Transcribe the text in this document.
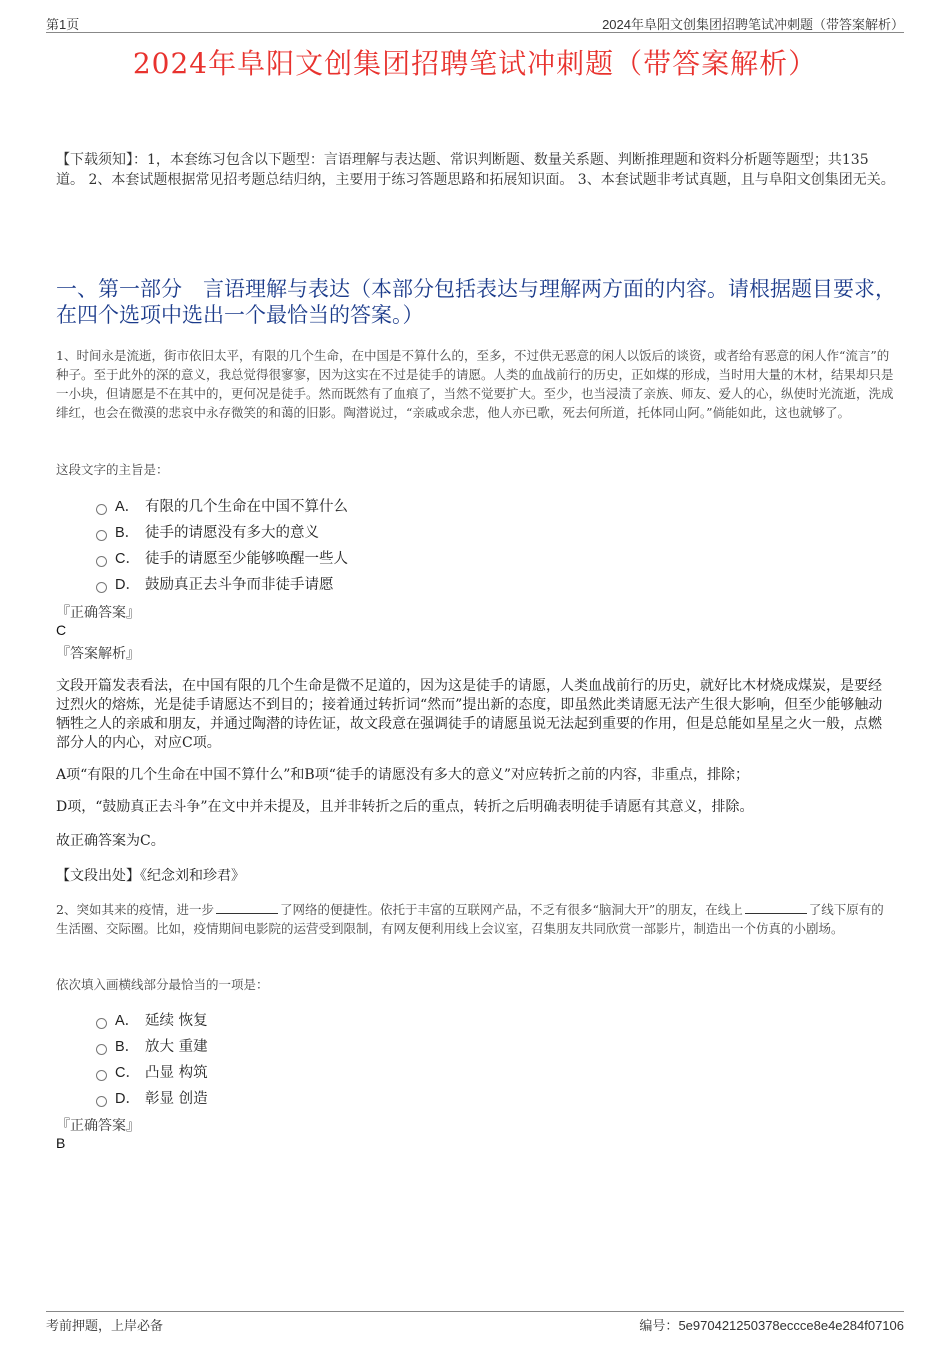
第1页	2024年阜阳文创集团招聘笔试冲刺题（带答案解析）
2024年阜阳文创集团招聘笔试冲刺题（带答案解析）
【下载须知】：1，本套练习包含以下题型：言语理解与表达题、常识判断题、数量关系题、判断推理题和资料分析题等题型；共135道。 2、本套试题根据常见招考题总结归纳，主要用于练习答题思路和拓展知识面。 3、本套试题非考试真题，且与阜阳文创集团无关。
一、第一部分　言语理解与表达（本部分包括表达与理解两方面的内容。请根据题目要求，在四个选项中选出一个最恰当的答案。）
1、时间永是流逝，街市依旧太平，有限的几个生命，在中国是不算什么的，至多，不过供无恶意的闲人以饭后的谈资，或者给有恶意的闲人作“流言”的种子。至于此外的深的意义，我总觉得很寥寥，因为这实在不过是徒手的请愿。人类的血战前行的历史，正如煤的形成，当时用大量的木材，结果却只是一小块，但请愿是不在其中的，更何况是徒手。然而既然有了血痕了，当然不觉要扩大。至少，也当浸渍了亲族、师友、爱人的心，纵使时光流逝，洗成绯红，也会在微漠的悲哀中永存微笑的和蔼的旧影。陶潜说过，“亲戚或余悲，他人亦已歌，死去何所道，托体同山阿。”倘能如此，这也就够了。
这段文字的主旨是：
A． 有限的几个生命在中国不算什么
B． 徒手的请愿没有多大的意义
C． 徒手的请愿至少能够唤醒一些人
D． 鼓励真正去斗争而非徒手请愿
『正确答案』
C
『答案解析』
文段开篇发表看法，在中国有限的几个生命是微不足道的，因为这是徒手的请愿，人类血战前行的历史，就好比木材烧成煤炭，是要经过烈火的熔炼，光是徒手请愿达不到目的；接着通过转折词“然而”提出新的态度，即虽然此类请愿无法产生很大影响，但至少能够触动牺牲之人的亲戚和朋友，并通过陶潜的诗佐证，故文段意在强调徒手的请愿虽说无法起到重要的作用，但是总能如星星之火一般，点燃部分人的内心，对应C项。
A项“有限的几个生命在中国不算什么”和B项“徒手的请愿没有多大的意义”对应转折之前的内容，非重点，排除；
D项，“鼓励真正去斗争”在文中并未提及，且并非转折之后的重点，转折之后明确表明徒手请愿有其意义，排除。
故正确答案为C。
【文段出处】《纪念刘和珍君》
2、突如其来的疫情，进一步	了网络的便捷性。依托于丰富的互联网产品，不乏有很多“脑洞大开”的朋友，在线上	了线下原有的生活圈、交际圈。比如，疫情期间电影院的运营受到限制，有网友便利用线上会议室，召集朋友共同欣赏一部影片，制造出一个仿真的小剧场。
依次填入画横线部分最恰当的一项是：
A． 延续 恢复
B． 放大 重建
C． 凸显 构筑
D． 彰显 创造
『正确答案』
B
考前押题，上岸必备	编号：5e970421250378eccce8e4e284f07106
